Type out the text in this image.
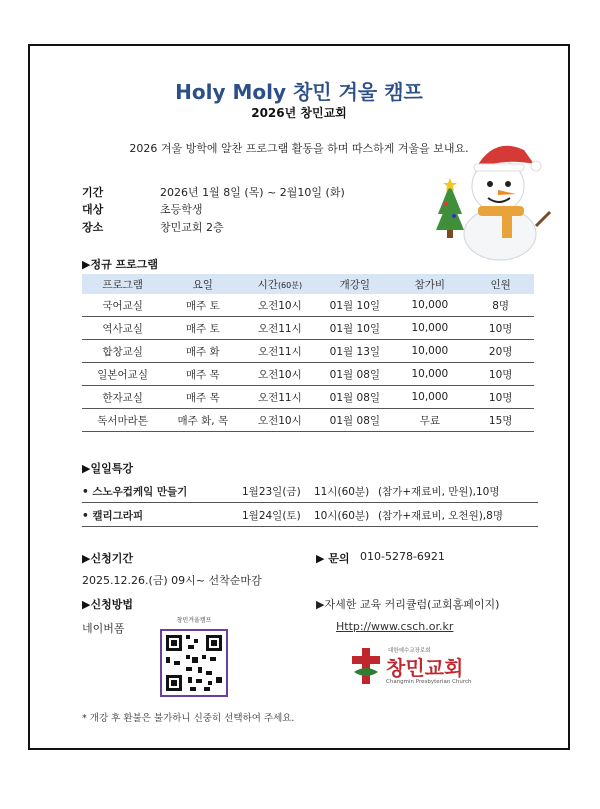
Holy Moly 창민 겨울 캠프
2026년 창민교회
2026 겨울 방학에 알찬 프로그램 활동을 하며 따스하게 겨울을 보내요.
기간	2026년 1월 8일 (목) ~ 2월10일 (화)
대상	초등학생
장소	창민교회 2층
▶정규 프로그램
프로그램	요일	시간(60분)	개강일	참가비	인원
국어교실	매주 토	오전10시	01월 10일	10,000	8명
역사교실	매주 토	오전11시	01월 10일	10,000	10명
합창교실	매주 화	오전11시	01월 13일	10,000	20명
일본어교실	매주 목	오전10시	01월 08일	10,000	10명
한자교실	매주 목	오전11시	01월 08일	10,000	10명
독서마라톤	매주 화, 목	오전10시	01월 08일	무료	15명
▶일일특강
• 스노우컵케잌 만들기	1월23일(금) 11시(60분) (참가+재료비, 만원),10명
• 캘리그라피	1월24일(토) 10시(60분) (참가+재료비, 오천원),8명
▶신청기간
2025.12.26.(금) 09시~ 선착순마감
▶신청방법
네이버폼
창민겨울캠프
▶ 문의 010-5278-6921
▶자세한 교육 커리큘럼(교회홈페이지)
Http://www.csch.or.kr
대한예수교장로회
창민교회
Changmin Presbyterian Church
* 개강 후 환불은 불가하니 신중히 선택하여 주세요.
